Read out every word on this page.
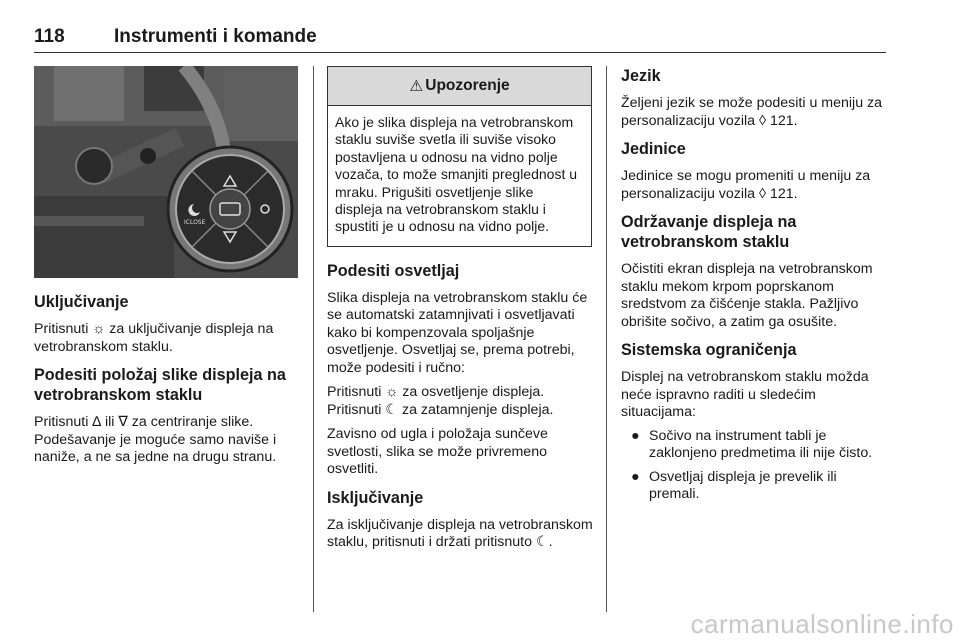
118	Instrumenti i komande
ICLOSE
Uključivanje

Pritisnuti ☼ za uključivanje displeja na vetrobranskom staklu.

Podesiti položaj slike displeja na vetrobranskom staklu

Pritisnuti ∆ ili ∇ za centriranje slike. Podešavanje je moguće samo naviše i naniže, a ne sa jedne na drugu stranu.

⚠ Upozorenje

Ako je slika displeja na vetrobranskom staklu suviše svetla ili suviše visoko postavljena u odnosu na vidno polje vozača, to može smanjiti preglednost u mraku. Prigušiti osvetljenje slike displeja na vetrobranskom staklu i spustiti je u odnosu na vidno polje.

Podesiti osvetljaj

Slika displeja na vetrobranskom staklu će se automatski zatamnjivati i osvetljavati kako bi kompenzovala spoljašnje osvetljenje. Osvetljaj se, prema potrebi, može podesiti i ručno:

Pritisnuti ☼ za osvetljenje displeja. Pritisnuti ☾ za zatamnjenje displeja.

Zavisno od ugla i položaja sunčeve svetlosti, slika se može privremeno osvetliti.

Isključivanje

Za isključivanje displeja na vetrobranskom staklu, pritisnuti i držati pritisnuto ☾.

Jezik

Željeni jezik se može podesiti u meniju za personalizaciju vozila ◊ 121.

Jedinice

Jedinice se mogu promeniti u meniju za personalizaciju vozila ◊ 121.

Održavanje displeja na vetrobranskom staklu

Očistiti ekran displeja na vetrobranskom staklu mekom krpom poprskanom sredstvom za čišćenje stakla. Pažljivo obrišite sočivo, a zatim ga osušite.

Sistemska ograničenja

Displej na vetrobranskom staklu možda neće ispravno raditi u sledećim situacijama:

● Sočivo na instrument tabli je zaklonjeno predmetima ili nije čisto.
● Osvetljaj displeja je prevelik ili premali.
carmanualsonline.info
